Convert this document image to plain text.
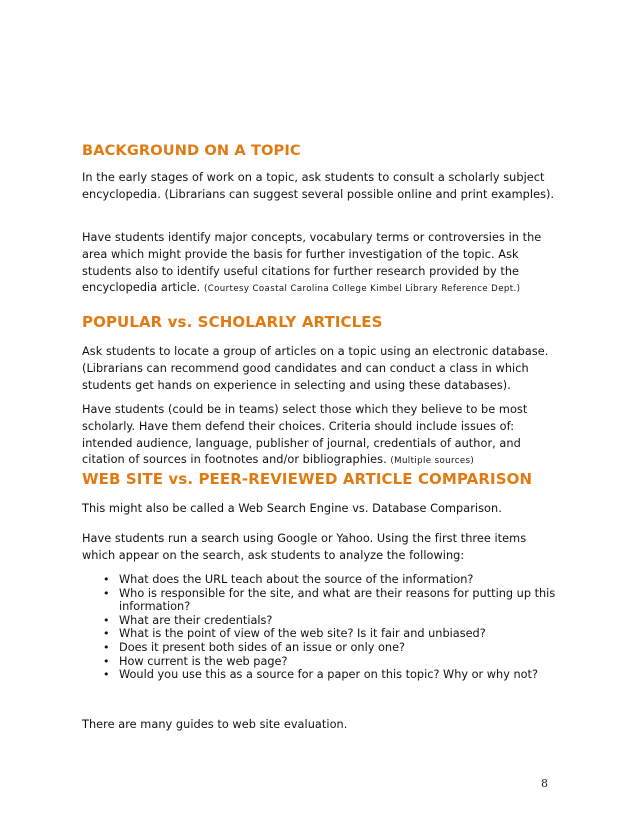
BACKGROUND ON A TOPIC

In the early stages of work on a topic, ask students to consult a scholarly subject encyclopedia. (Librarians can suggest several possible online and print examples).

Have students identify major concepts, vocabulary terms or controversies in the area which might provide the basis for further investigation of the topic. Ask students also to identify useful citations for further research provided by the encyclopedia article. (Courtesy Coastal Carolina College Kimbel Library Reference Dept.)

POPULAR vs. SCHOLARLY ARTICLES

Ask students to locate a group of articles on a topic using an electronic database. (Librarians can recommend good candidates and can conduct a class in which students get hands on experience in selecting and using these databases).

Have students (could be in teams) select those which they believe to be most scholarly. Have them defend their choices. Criteria should include issues of: intended audience, language, publisher of journal, credentials of author, and citation of sources in footnotes and/or bibliographies. (Multiple sources)

WEB SITE vs. PEER-REVIEWED ARTICLE COMPARISON

This might also be called a Web Search Engine vs. Database Comparison.

Have students run a search using Google or Yahoo. Using the first three items which appear on the search, ask students to analyze the following:

• What does the URL teach about the source of the information?
• Who is responsible for the site, and what are their reasons for putting up this information?
• What are their credentials?
• What is the point of view of the web site? Is it fair and unbiased?
• Does it present both sides of an issue or only one?
• How current is the web page?
• Would you use this as a source for a paper on this topic? Why or why not?

There are many guides to web site evaluation.

8
